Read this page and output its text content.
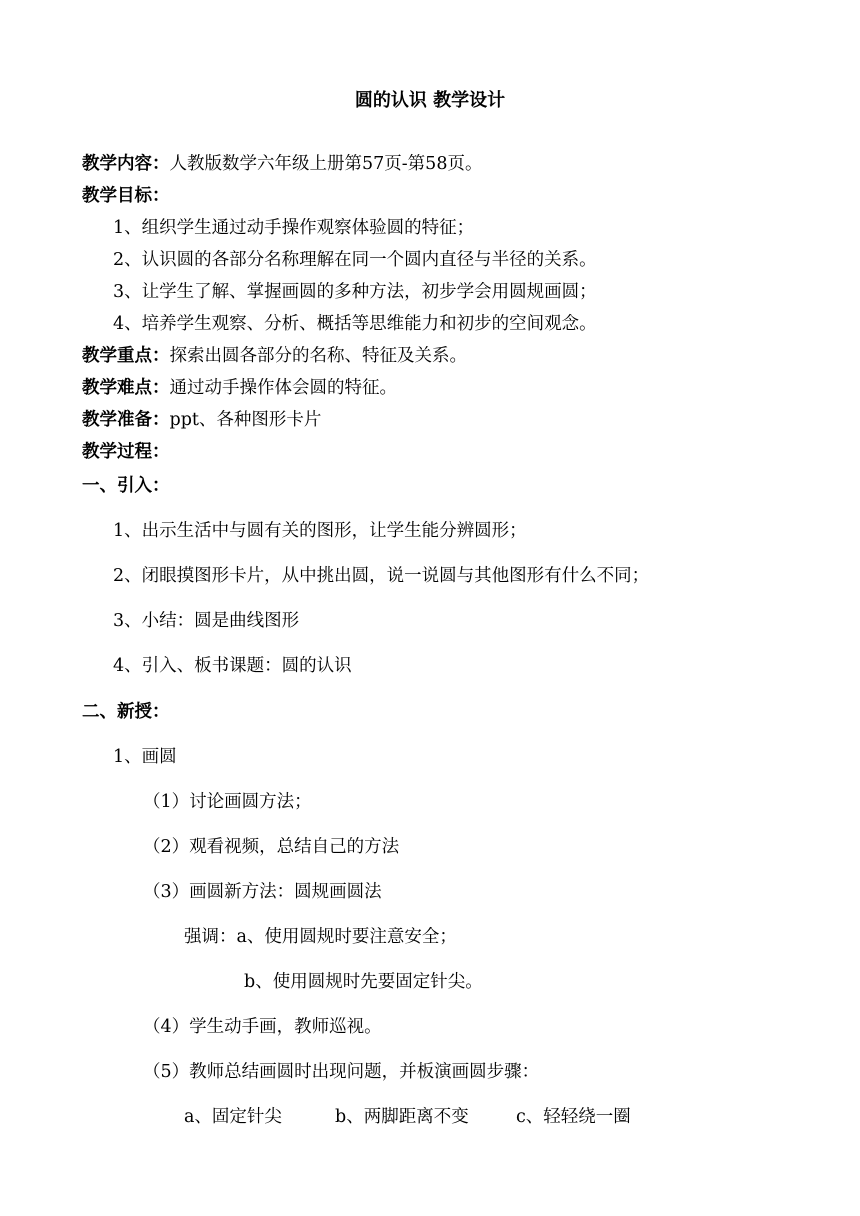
圆的认识 教学设计
教学内容：人教版数学六年级上册第57页-第58页。
教学目标：
1、组织学生通过动手操作观察体验圆的特征；
2、认识圆的各部分名称理解在同一个圆内直径与半径的关系。
3、让学生了解、掌握画圆的多种方法，初步学会用圆规画圆；
4、培养学生观察、分析、概括等思维能力和初步的空间观念。
教学重点：探索出圆各部分的名称、特征及关系。
教学难点：通过动手操作体会圆的特征。
教学准备：ppt、各种图形卡片
教学过程：
一、引入：
1、出示生活中与圆有关的图形，让学生能分辨圆形；
2、闭眼摸图形卡片，从中挑出圆，说一说圆与其他图形有什么不同；
3、小结：圆是曲线图形
4、引入、板书课题：圆的认识
二、新授：
1、画圆
（1）讨论画圆方法；
（2）观看视频，总结自己的方法
（3）画圆新方法：圆规画圆法
强调：a、使用圆规时要注意安全；
b、使用圆规时先要固定针尖。
（4）学生动手画，教师巡视。
（5）教师总结画圆时出现问题，并板演画圆步骤：
a、固定针尖	b、两脚距离不变	c、轻轻绕一圈
